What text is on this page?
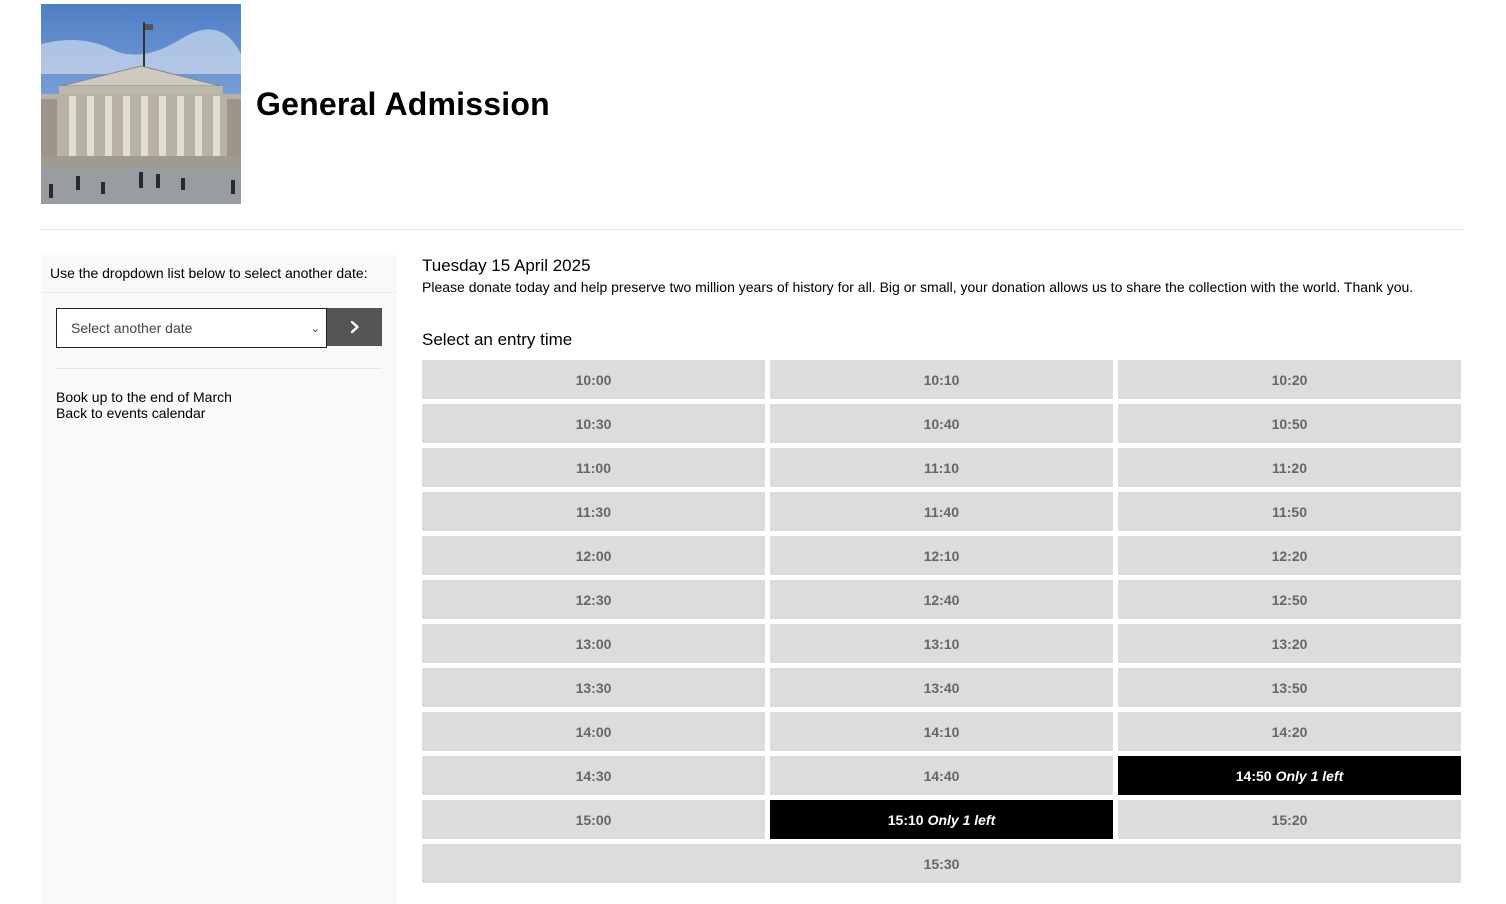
General Admission
Use the dropdown list below to select another date:
Select another date	⌄
Book up to the end of March
Back to events calendar
Tuesday 15 April 2025
Please donate today and help preserve two million years of history for all. Big or small, your donation allows us to share the collection with the world. Thank you.
Select an entry time
10:00	10:10	10:20
10:30	10:40	10:50
11:00	11:10	11:20
11:30	11:40	11:50
12:00	12:10	12:20
12:30	12:40	12:50
13:00	13:10	13:20
13:30	13:40	13:50
14:00	14:10	14:20
14:30	14:40	14:50 Only 1 left
15:00	15:10 Only 1 left	15:20
15:30
